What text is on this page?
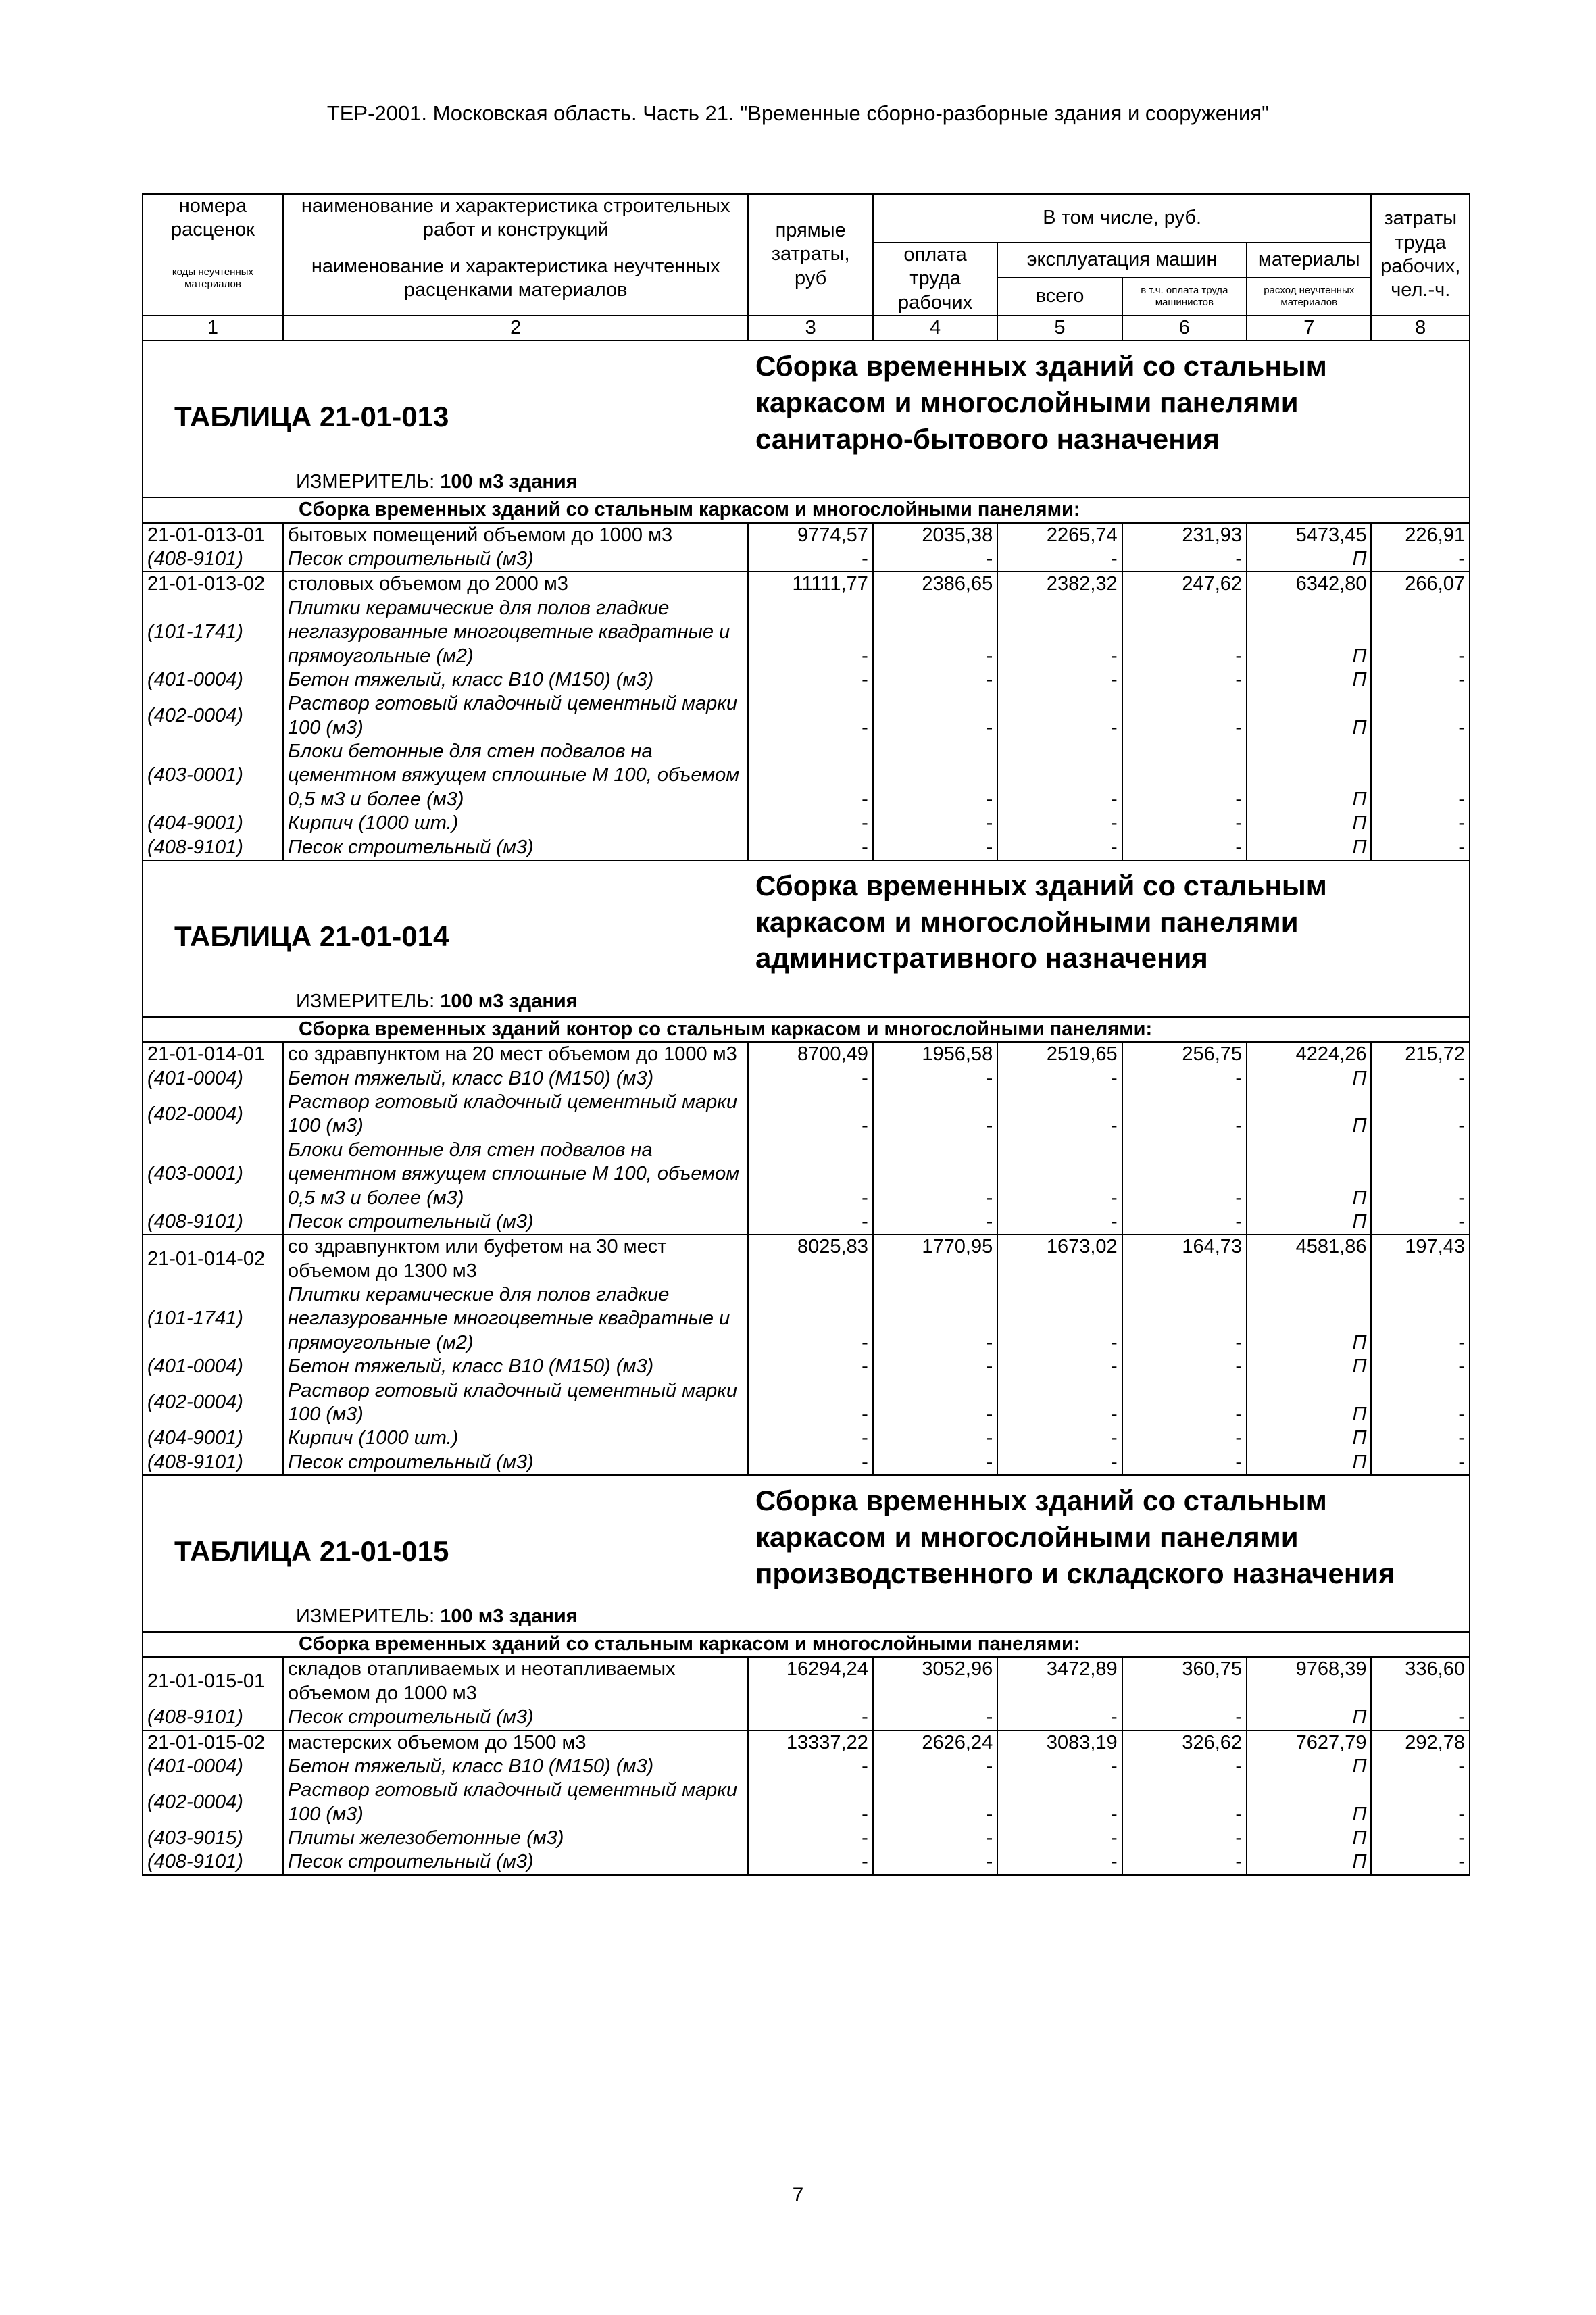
ТЕР-2001. Московская область. Часть 21. "Временные сборно-разборные здания и сооружения"
номера расценок	наименование и характеристика строительных работ и конструкций	прямые затраты, руб	В том числе, руб.				затраты труда рабочих, чел.-ч.
коды неучтенных материалов	наименование и характеристика неучтенных расценками материалов		оплата труда рабочих	эксплуатация машин		материалы	
				всего	в т.ч. оплата труда машинистов	расход неучтенных материалов	
1	2	3	4	5	6	7	8

ТАБЛИЦА 21-01-013
Сборка временных зданий со стальным
каркасом и многослойными панелями
санитарно-бытового назначения
ИЗМЕРИТЕЛЬ: 100 м3 здания							

Сборка временных зданий со стальным каркасом и многослойными панелями:							
21-01-013-01	бытовых помещений объемом до 1000 м3	9774,57	2035,38	2265,74	231,93	5473,45	226,91
(408-9101)	Песок строительный (м3)	-	-	-	-	П	-
21-01-013-02	столовых объемом до 2000 м3	11111,77	2386,65	2382,32	247,62	6342,80	266,07
(101-1741)	Плитки керамические для полов гладкие неглазурованные многоцветные квадратные и прямоугольные (м2)	-	-	-	-	П	-
(401-0004)	Бетон тяжелый, класс В10 (М150) (м3)	-	-	-	-	П	-
(402-0004)	Раствор готовый кладочный цементный марки 100 (м3)	-	-	-	-	П	-
(403-0001)	Блоки бетонные для стен подвалов на цементном вяжущем сплошные М 100, объемом 0,5 м3 и более (м3)	-	-	-	-	П	-
(404-9001)	Кирпич (1000 шт.)	-	-	-	-	П	-
(408-9101)	Песок строительный (м3)	-	-	-	-	П	-

ТАБЛИЦА 21-01-014
Сборка временных зданий со стальным
каркасом и многослойными панелями
административного назначения
ИЗМЕРИТЕЛЬ: 100 м3 здания							

Сборка временных зданий контор со стальным каркасом и многослойными панелями:							
21-01-014-01	со здравпунктом на 20 мест объемом до 1000 м3	8700,49	1956,58	2519,65	256,75	4224,26	215,72
(401-0004)	Бетон тяжелый, класс В10 (М150) (м3)	-	-	-	-	П	-
(402-0004)	Раствор готовый кладочный цементный марки 100 (м3)	-	-	-	-	П	-
(403-0001)	Блоки бетонные для стен подвалов на цементном вяжущем сплошные М 100, объемом 0,5 м3 и более (м3)	-	-	-	-	П	-
(408-9101)	Песок строительный (м3)	-	-	-	-	П	-
21-01-014-02	со здравпунктом или буфетом на 30 мест объемом до 1300 м3	8025,83	1770,95	1673,02	164,73	4581,86	197,43
(101-1741)	Плитки керамические для полов гладкие неглазурованные многоцветные квадратные и прямоугольные (м2)	-	-	-	-	П	-
(401-0004)	Бетон тяжелый, класс В10 (М150) (м3)	-	-	-	-	П	-
(402-0004)	Раствор готовый кладочный цементный марки 100 (м3)	-	-	-	-	П	-
(404-9001)	Кирпич (1000 шт.)	-	-	-	-	П	-
(408-9101)	Песок строительный (м3)	-	-	-	-	П	-

ТАБЛИЦА 21-01-015
Сборка временных зданий со стальным
каркасом и многослойными панелями
производственного и складского назначения
ИЗМЕРИТЕЛЬ: 100 м3 здания							

Сборка временных зданий со стальным каркасом и многослойными панелями:							
21-01-015-01	складов отапливаемых и неотапливаемых объемом до 1000 м3	16294,24	3052,96	3472,89	360,75	9768,39	336,60
(408-9101)	Песок строительный (м3)	-	-	-	-	П	-
21-01-015-02	мастерских объемом до 1500 м3	13337,22	2626,24	3083,19	326,62	7627,79	292,78
(401-0004)	Бетон тяжелый, класс В10 (М150) (м3)	-	-	-	-	П	-
(402-0004)	Раствор готовый кладочный цементный марки 100 (м3)	-	-	-	-	П	-
(403-9015)	Плиты железобетонные (м3)	-	-	-	-	П	-
(408-9101)	Песок строительный (м3)	-	-	-	-	П	-
7
